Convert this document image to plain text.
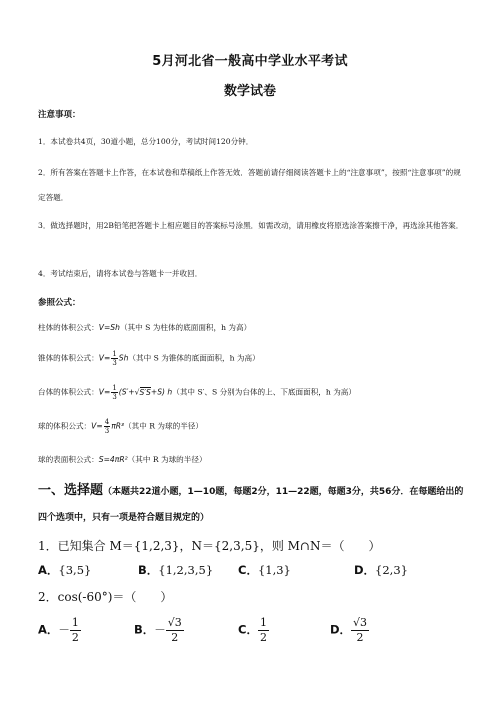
5月河北省一般高中学业水平考试
数学试卷
注意事项：
1．本试卷共4页，30道小题，总分100分，考试时间120分钟．
2．所有答案在答题卡上作答，在本试卷和草稿纸上作答无效．答题前请仔细阅读答题卡上的“注意事项”，按照“注意事项”的规定答题．
3．做选择题时，用2B铅笔把答题卡上相应题目的答案标号涂黑．如需改动，请用橡皮将原选涂答案擦干净，再选涂其他答案．
4．考试结束后，请将本试卷与答题卡一并收回．
参照公式：
柱体的体积公式：V=Sh（其中 S 为柱体的底面面积，h 为高）
锥体的体积公式：$V= \frac{1}{3} Sh$（其中 S 为锥体的底面面积，h 为高）
台体的体积公式：$V= \frac{1}{3} (S'+√S'S+S)$ h（其中 S′、S 分别为台体的上、下底面面积，h 为高）
球的体积公式：$V= \frac{4}{3} \pi R^3$（其中 R 为球的半径）
球的表面积公式：S=4πR²（其中 R 为球的半径）
一、选择题（本题共22道小题，1—10题，每题2分，11—22题，每题3分，共56分．在每题给出的四个选项中，只有一项是符合题目规定的）
1．已知集合 M＝{1,2,3}，N＝{2,3,5}，则 M∩N＝（　　）
A．{3,5}	B．{1,2,3,5} C．{1,3}	D．{2,3}
2．cos(-60°)＝（　　）
A．－ $\frac{1}{2}$	B．－ $\frac{√3}{2}$	C． $\frac{1}{2}$	D． $\frac{√3}{2}$
